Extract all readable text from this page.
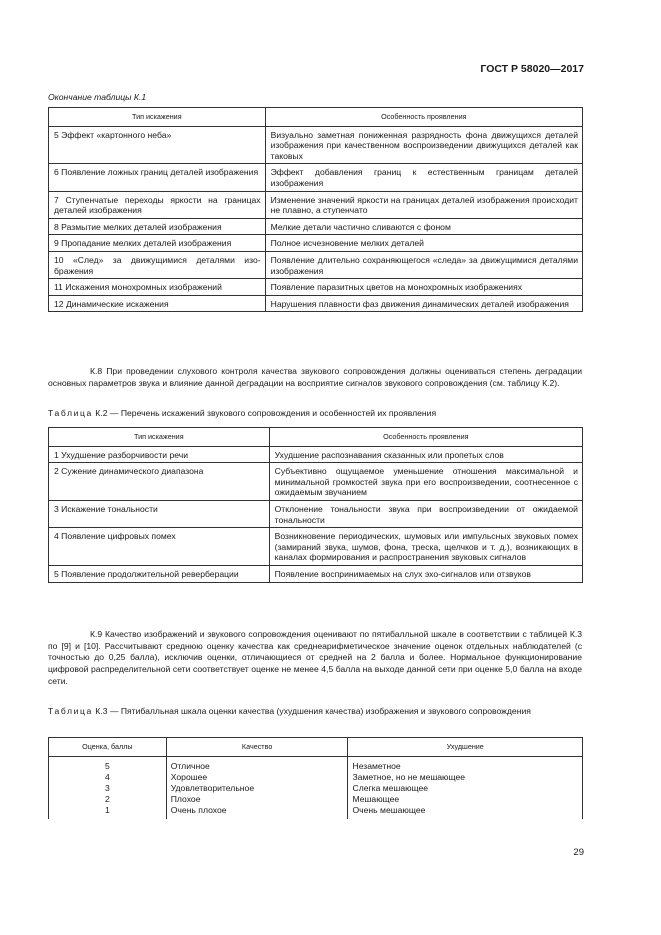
ГОСТ Р 58020—2017
Окончание таблицы К.1
Тип искажения	Особенность проявления
5 Эффект «картонного неба»	Визуально заметная пониженная разрядность фона движущихся деталей изображения при качественном воспроизведении движущихся деталей как таковых
6 Появление ложных границ деталей изображения	Эффект добавления границ к естественным границам деталей изображения
7 Ступенчатые переходы яркости на границах деталей изображения	Изменение значений яркости на границах деталей изображения происходит не плавно, а ступенчато
8 Размытие мелких деталей изображения	Мелкие детали частично сливаются с фоном
9 Пропадание мелких деталей изображения	Полное исчезновение мелких деталей
10 «След» за движущимися деталями изображения	Появление длительно сохраняющегося «следа» за движущимися деталями изображения
11 Искажения монохромных изображений	Появление паразитных цветов на монохромных изображениях
12 Динамические искажения	Нарушения плавности фаз движения динамических деталей изображения
К.8 При проведении слухового контроля качества звукового сопровождения должны оцениваться степень деградации основных параметров звука и влияние данной деградации на восприятие сигналов звукового сопровождения (см. таблицу К.2).
Таблица К.2 — Перечень искажений звукового сопровождения и особенностей их проявления
Тип искажения	Особенность проявления
1 Ухудшение разборчивости речи	Ухудшение распознавания сказанных или пропетых слов
2 Сужение динамического диапазона	Субъективно ощущаемое уменьшение отношения максимальной и минимальной громкостей звука при его воспроизведении, соотнесенное с ожидаемым звучанием
3 Искажение тональности	Отклонение тональности звука при воспроизведении от ожидаемой тональности
4 Появление цифровых помех	Возникновение периодических, шумовых или импульсных звуковых помех (замираний звука, шумов, фона, треска, щелчков и т. д.), возникающих в каналах формирования и распространения звуковых сигналов
5 Появление продолжительной реверберации	Появление воспринимаемых на слух эхо-сигналов или отзвуков
К.9 Качество изображений и звукового сопровождения оценивают по пятибалльной шкале в соответствии с таблицей К.3 по [9] и [10]. Рассчитывают среднюю оценку качества как среднеарифметическое значение оценок отдельных наблюдателей (с точностью до 0,25 балла), исключив оценки, отличающиеся от средней на 2 балла и более. Нормальное функционирование цифровой распределительной сети соответствует оценке не менее 4,5 балла на выходе данной сети при оценке 5,0 балла на входе сети.
Таблица К.3 — Пятибалльная шкала оценки качества (ухудшения качества) изображения и звукового сопровождения
Оценка, баллы	Качество	Ухудшение
5	Отличное	Незаметное
4	Хорошее	Заметное, но не мешающее
3	Удовлетворительное	Слегка мешающее
2	Плохое	Мешающее
1	Очень плохое	Очень мешающее
29
